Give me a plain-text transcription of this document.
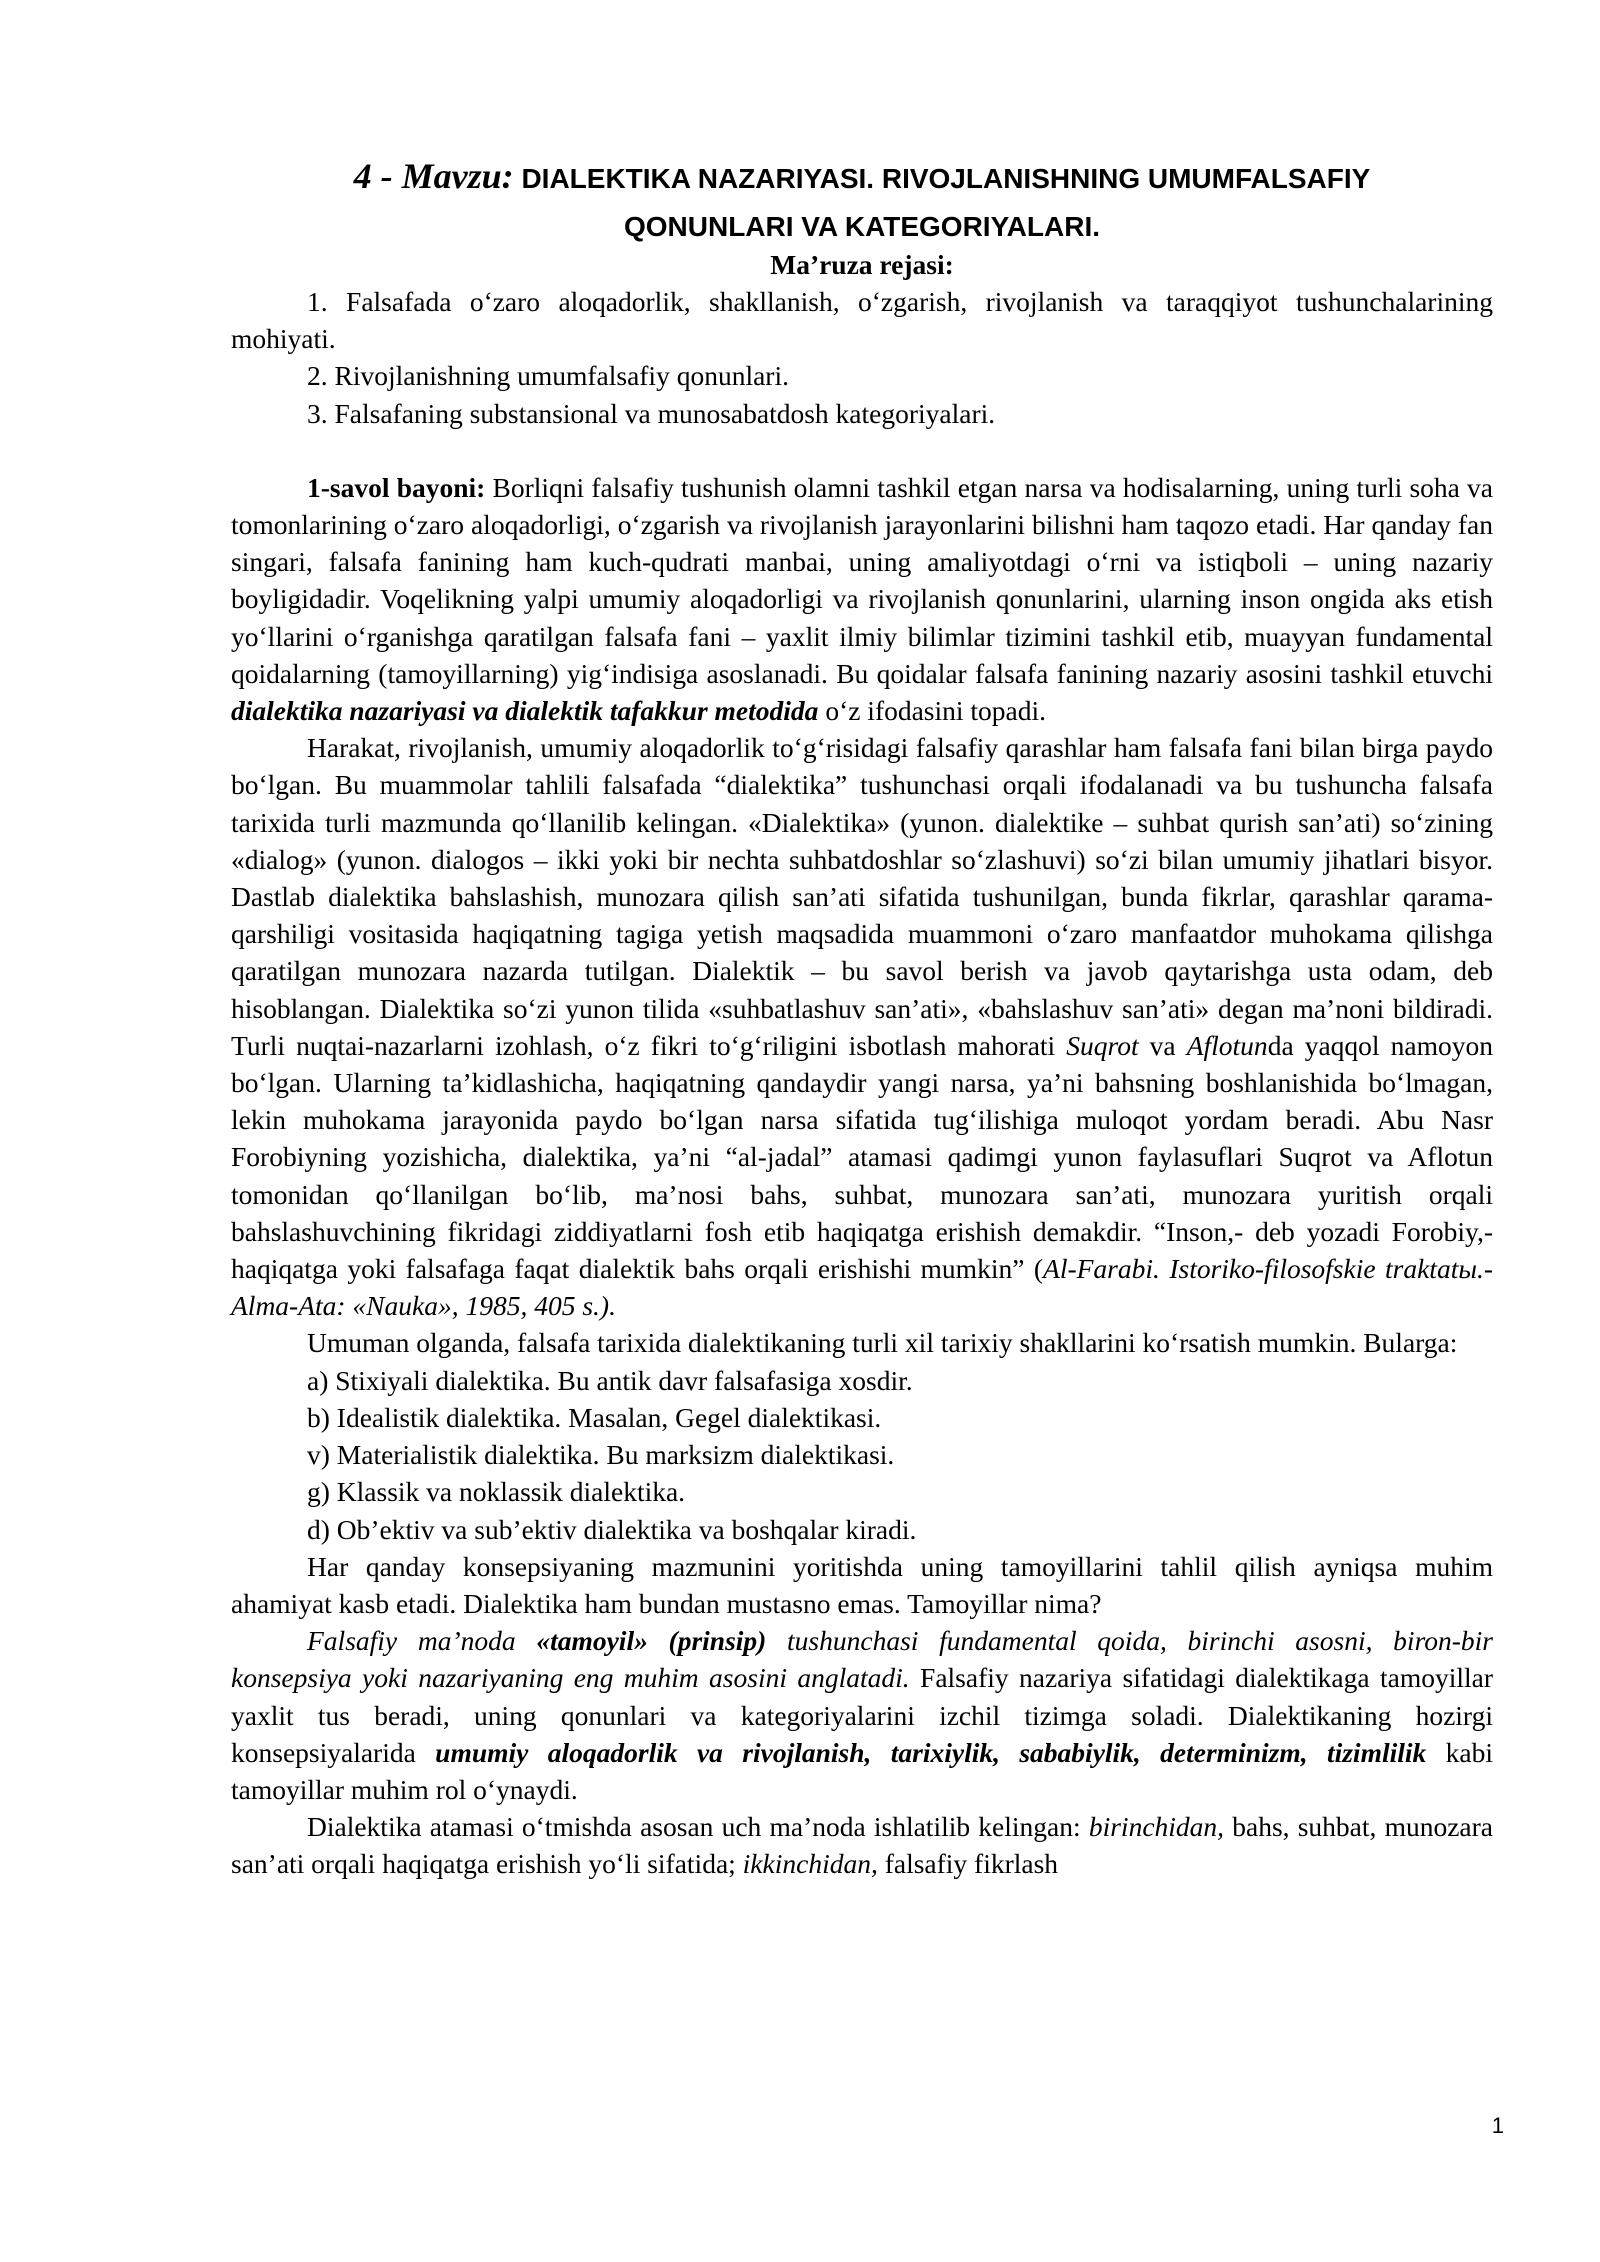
4 - Mavzu: DIALEKTIKA NAZARIYASI. RIVOJLANISHNING UMUMFALSAFIY
QONUNLARI VA KATEGORIYALARI.
Ma’ruza rejasi:

1. Falsafada o‘zaro aloqadorlik, shakllanish, o‘zgarish, rivojlanish va taraqqiyot tushunchalarining mohiyati.

2. Rivojlanishning umumfalsafiy qonunlari.

3. Falsafaning substansional va munosabatdosh kategoriyalari.

1-savol bayoni: Borliqni falsafiy tushunish olamni tashkil etgan narsa va hodisalarning, uning turli soha va tomonlarining o‘zaro aloqadorligi, o‘zgarish va rivojlanish jarayonlarini bilishni ham taqozo etadi. Har qanday fan singari, falsafa fanining ham kuch-qudrati manbai, uning amaliyotdagi o‘rni va istiqboli – uning nazariy boyligidadir. Voqelikning yalpi umumiy aloqadorligi va rivojlanish qonunlarini, ularning inson ongida aks etish yo‘llarini o‘rganishga qaratilgan falsafa fani – yaxlit ilmiy bilimlar tizimini tashkil etib, muayyan fundamental qoidalarning (tamoyillarning) yig‘indisiga asoslanadi. Bu qoidalar falsafa fanining nazariy asosini tashkil etuvchi dialektika nazariyasi va dialektik tafakkur metodida o‘z ifodasini topadi.

Harakat, rivojlanish, umumiy aloqadorlik to‘g‘risidagi falsafiy qarashlar ham falsafa fani bilan birga paydo bo‘lgan. Bu muammolar tahlili falsafada “dialektika” tushunchasi orqali ifodalanadi va bu tushuncha falsafa tarixida turli mazmunda qo‘llanilib kelingan. «Dialektika» (yunon. dialektike – suhbat qurish san’ati) so‘zining «dialog» (yunon. dialogos – ikki yoki bir nechta suhbatdoshlar so‘zlashuvi) so‘zi bilan umumiy jihatlari bisyor. Dastlab dialektika bahslashish, munozara qilish san’ati sifatida tushunilgan, bunda fikrlar, qarashlar qarama-qarshiligi vositasida haqiqatning tagiga yetish maqsadida muammoni o‘zaro manfaatdor muhokama qilishga qaratilgan munozara nazarda tutilgan. Dialektik – bu savol berish va javob qaytarishga usta odam, deb hisoblangan. Dialektika so‘zi yunon tilida «suhbatlashuv san’ati», «bahslashuv san’ati» degan ma’noni bildiradi. Turli nuqtai-nazarlarni izohlash, o‘z fikri to‘g‘riligini isbotlash mahorati Suqrot va Aflotunda yaqqol namoyon bo‘lgan. Ularning ta’kidlashicha, haqiqatning qandaydir yangi narsa, ya’ni bahsning boshlanishida bo‘lmagan, lekin muhokama jarayonida paydo bo‘lgan narsa sifatida tug‘ilishiga muloqot yordam beradi. Abu Nasr Forobiyning yozishicha, dialektika, ya’ni “al-jadal” atamasi qadimgi yunon faylasuflari Suqrot va Aflotun tomonidan qo‘llanilgan bo‘lib, ma’nosi bahs, suhbat, munozara san’ati, munozara yuritish orqali bahslashuvchining fikridagi ziddiyatlarni fosh etib haqiqatga erishish demakdir. “Inson,- deb yozadi Forobiy,- haqiqatga yoki falsafaga faqat dialektik bahs orqali erishishi mumkin” (Al-Farabi. Istoriko-filosofskie traktatы.- Alma-Ata: «Nauka», 1985, 405 s.).

Umuman olganda, falsafa tarixida dialektikaning turli xil tarixiy shakllarini ko‘rsatish mumkin. Bularga:

a) Stixiyali dialektika. Bu antik davr falsafasiga xosdir.
b) Idealistik dialektika. Masalan, Gegel dialektikasi.
v) Materialistik dialektika. Bu marksizm dialektikasi.
g) Klassik va noklassik dialektika.
d) Ob’ektiv va sub’ektiv dialektika va boshqalar kiradi.

Har qanday konsepsiyaning mazmunini yoritishda uning tamoyillarini tahlil qilish ayniqsa muhim ahamiyat kasb etadi. Dialektika ham bundan mustasno emas. Tamoyillar nima?

Falsafiy ma’noda «tamoyil» (prinsip) tushunchasi fundamental qoida, birinchi asosni, biron-bir konsepsiya yoki nazariyaning eng muhim asosini anglatadi. Falsafiy nazariya sifatidagi dialektikaga tamoyillar yaxlit tus beradi, uning qonunlari va kategoriyalarini izchil tizimga soladi. Dialektikaning hozirgi konsepsiyalarida umumiy aloqadorlik va rivojlanish, tarixiylik, sababiylik, determinizm, tizimlilik kabi tamoyillar muhim rol o‘ynaydi.

Dialektika atamasi o‘tmishda asosan uch ma’noda ishlatilib kelingan: birinchidan, bahs, suhbat, munozara san’ati orqali haqiqatga erishish yo‘li sifatida; ikkinchidan, falsafiy fikrlash

1
